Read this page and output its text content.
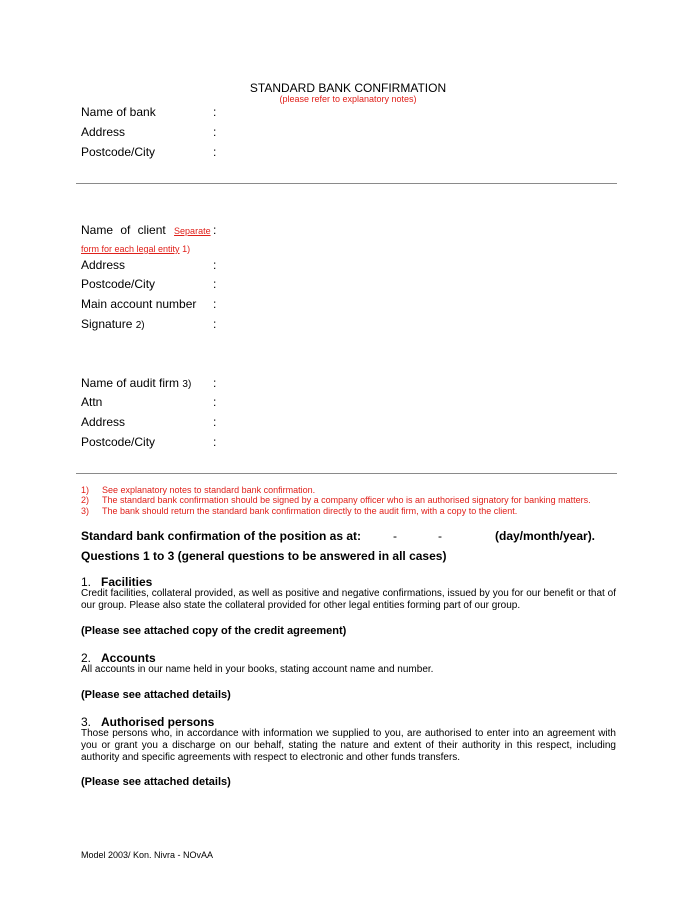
STANDARD BANK CONFIRMATION
(please refer to explanatory notes)
Name of bank	:
Address	:
Postcode/City	:
Name of client Separate :
form for each legal entity 1)
Address	:
Postcode/City	:
Main account number :
Signature 2)	:
Name of audit firm 3) :
Attn	:
Address	:
Postcode/City	:
1) See explanatory notes to standard bank confirmation.
2) The standard bank confirmation should be signed by a company officer who is an authorised signatory for banking matters.
3) The bank should return the standard bank confirmation directly to the audit firm, with a copy to the client.
Standard bank confirmation of the position as at:	-	-	(day/month/year).
Questions 1 to 3 (general questions to be answered in all cases)
1. Facilities
Credit facilities, collateral provided, as well as positive and negative confirmations, issued by you for our benefit or that of our group. Please also state the collateral provided for other legal entities forming part of our group.
(Please see attached copy of the credit agreement)
2. Accounts
All accounts in our name held in your books, stating account name and number.
(Please see attached details)
3. Authorised persons
Those persons who, in accordance with information we supplied to you, are authorised to enter into an agreement with you or grant you a discharge on our behalf, stating the nature and extent of their authority in this respect, including authority and specific agreements with respect to electronic and other funds transfers.
(Please see attached details)
Model 2003/ Kon. Nivra - NOvAA
